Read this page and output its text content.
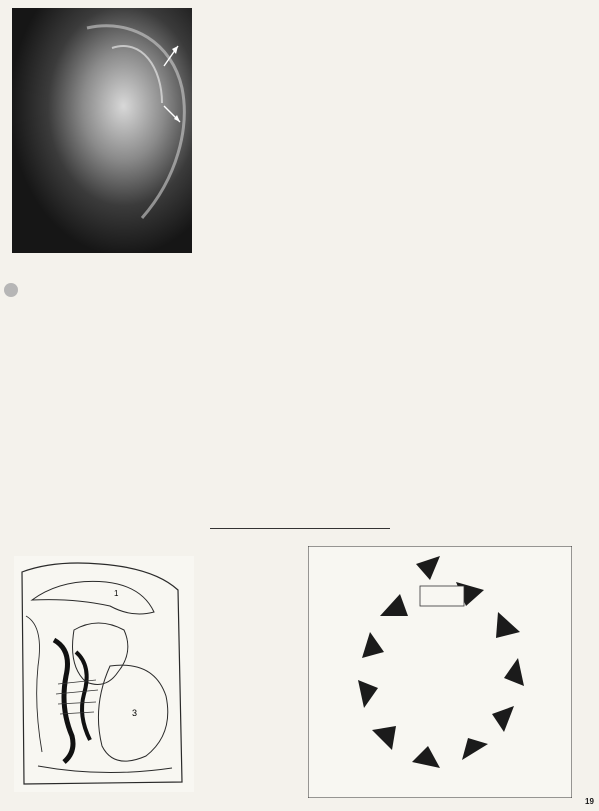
1
3

19
